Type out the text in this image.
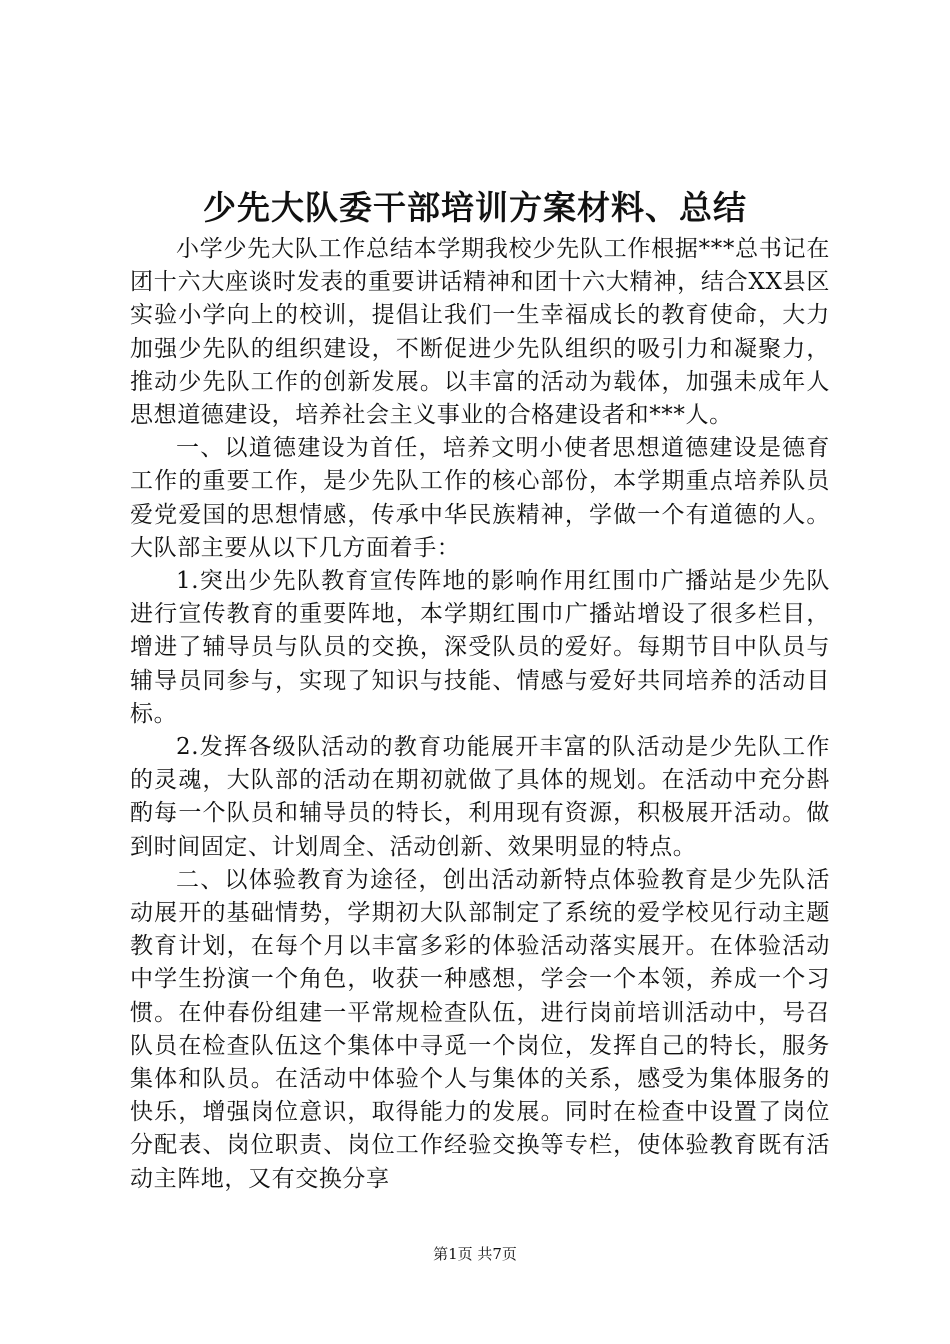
少先大队委干部培训方案材料、总结

小学少先大队工作总结本学期我校少先队工作根据***总书记在团十六大座谈时发表的重要讲话精神和团十六大精神，结合XX县区实验小学向上的校训，提倡让我们一生幸福成长的教育使命，大力加强少先队的组织建设，不断促进少先队组织的吸引力和凝聚力，推动少先队工作的创新发展。以丰富的活动为载体，加强未成年人思想道德建设，培养社会主义事业的合格建设者和***人。

一、以道德建设为首任，培养文明小使者思想道德建设是德育工作的重要工作，是少先队工作的核心部份，本学期重点培养队员爱党爱国的思想情感，传承中华民族精神，学做一个有道德的人。大队部主要从以下几方面着手：

1.突出少先队教育宣传阵地的影响作用红围巾广播站是少先队进行宣传教育的重要阵地，本学期红围巾广播站增设了很多栏目，增进了辅导员与队员的交换，深受队员的爱好。每期节目中队员与辅导员同参与，实现了知识与技能、情感与爱好共同培养的活动目标。

2.发挥各级队活动的教育功能展开丰富的队活动是少先队工作的灵魂，大队部的活动在期初就做了具体的规划。在活动中充分斟酌每一个队员和辅导员的特长，利用现有资源，积极展开活动。做到时间固定、计划周全、活动创新、效果明显的特点。

二、以体验教育为途径，创出活动新特点体验教育是少先队活动展开的基础情势，学期初大队部制定了系统的爱学校见行动主题教育计划，在每个月以丰富多彩的体验活动落实展开。在体验活动中学生扮演一个角色，收获一种感想，学会一个本领，养成一个习惯。在仲春份组建一平常规检查队伍，进行岗前培训活动中，号召队员在检查队伍这个集体中寻觅一个岗位，发挥自己的特长，服务集体和队员。在活动中体验个人与集体的关系，感受为集体服务的快乐，增强岗位意识，取得能力的发展。同时在检查中设置了岗位分配表、岗位职责、岗位工作经验交换等专栏，使体验教育既有活动主阵地，又有交换分享

第1页 共7页
